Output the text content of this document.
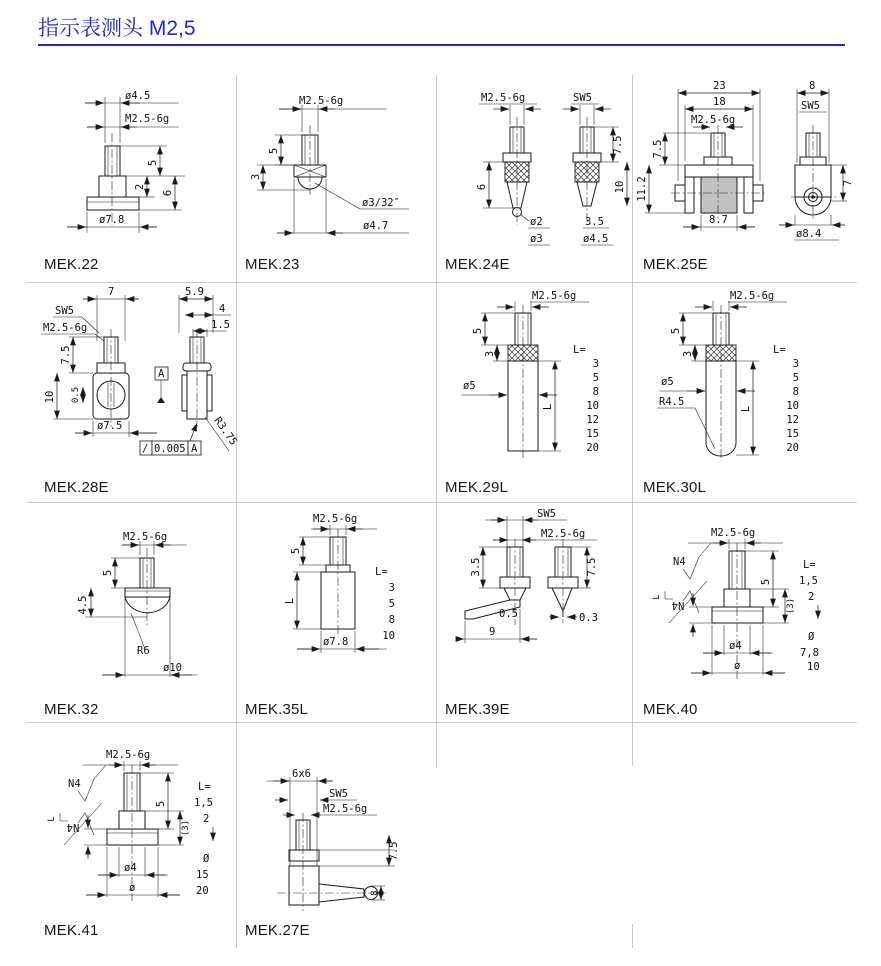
指示表测头 M2,5
ø4.5
M2.5-6g
5
2
6
ø7.8
MEK.22
M2.5-6g
5
3
ø3/32″
ø4.7
MEK.23
M2.5-6g	SW5
6
7.5
10
ø2
ø3
3.5
ø4.5
MEK.24E
23
18
M2.5-6g
7.5
11.2
8.7
8
SW5
7
ø8.4
MEK.25E
7
SW5
M2.5-6g
7.5
10 0.5
ø7.5
5.9
4
1.5
A
/ 0.005 A
R3.75
MEK.28E
M2.5-6g
5
3
ø5
L
L=
3
5
8
10
12
15
20
MEK.29L
M2.5-6g
5
3
ø5
R4.5
L
L=
3
5
8
10
12
15
20
MEK.30L
M2.5-6g
5
4.5
R6
ø10
MEK.32
M2.5-6g
5
L
ø7.8
L=
3
5
8
10
MEK.35L
SW5
M2.5-6g
3.5
0.5
9
7.5
0.3
MEK.39E
M2.5-6g
N4
N4
L
5
(3)
L=
1,5
2
Ø
7,8
10
ø4
ø
MEK.40
M2.5-6g
N4
N4
L
5
(3)
L=
1,5
2
Ø
15
20
ø4
ø
MEK.41
6x6
SW5
M2.5-6g
7.5
8
MEK.27E
